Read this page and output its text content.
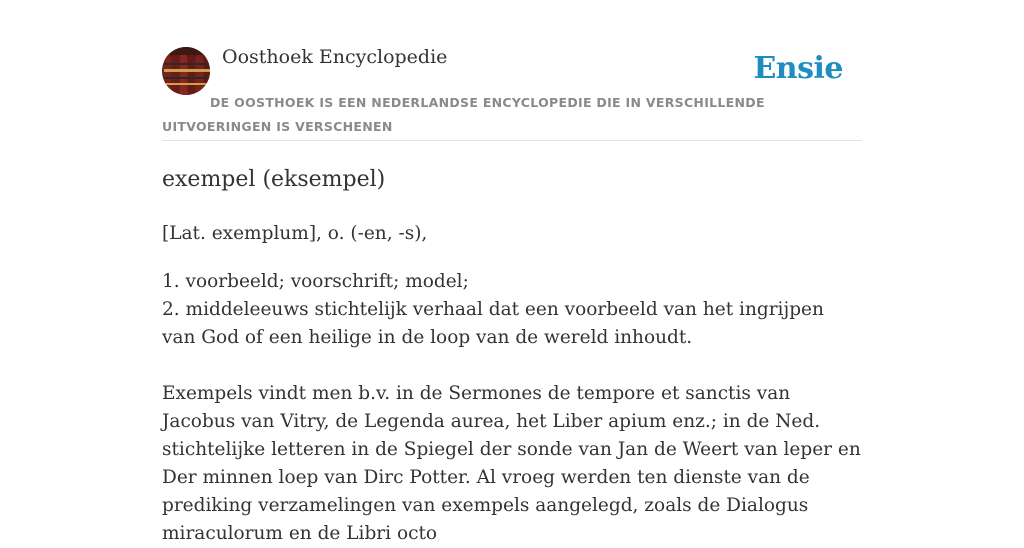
Oosthoek Encyclopedie	Ensie
DE OOSTHOEK IS EEN NEDERLANDSE ENCYCLOPEDIE DIE IN VERSCHILLENDE UITVOERINGEN IS VERSCHENEN
exempel (eksempel)

[Lat. exemplum], o. (-en, -s),

1. voorbeeld; voorschrift; model;
2. middeleeuws stichtelijk verhaal dat een voorbeeld van het ingrijpen van God of een heilige in de loop van de wereld inhoudt.

Exempels vindt men b.v. in de Sermones de tempore et sanctis van Jacobus van Vitry, de Legenda aurea, het Liber apium enz.; in de Ned. stichtelijke letteren in de Spiegel der sonde van Jan de Weert van leper en Der minnen loep van Dirc Potter. Al vroeg werden ten dienste van de prediking verzamelingen van exempels aangelegd, zoals de Dialogus miraculorum en de Libri octo
